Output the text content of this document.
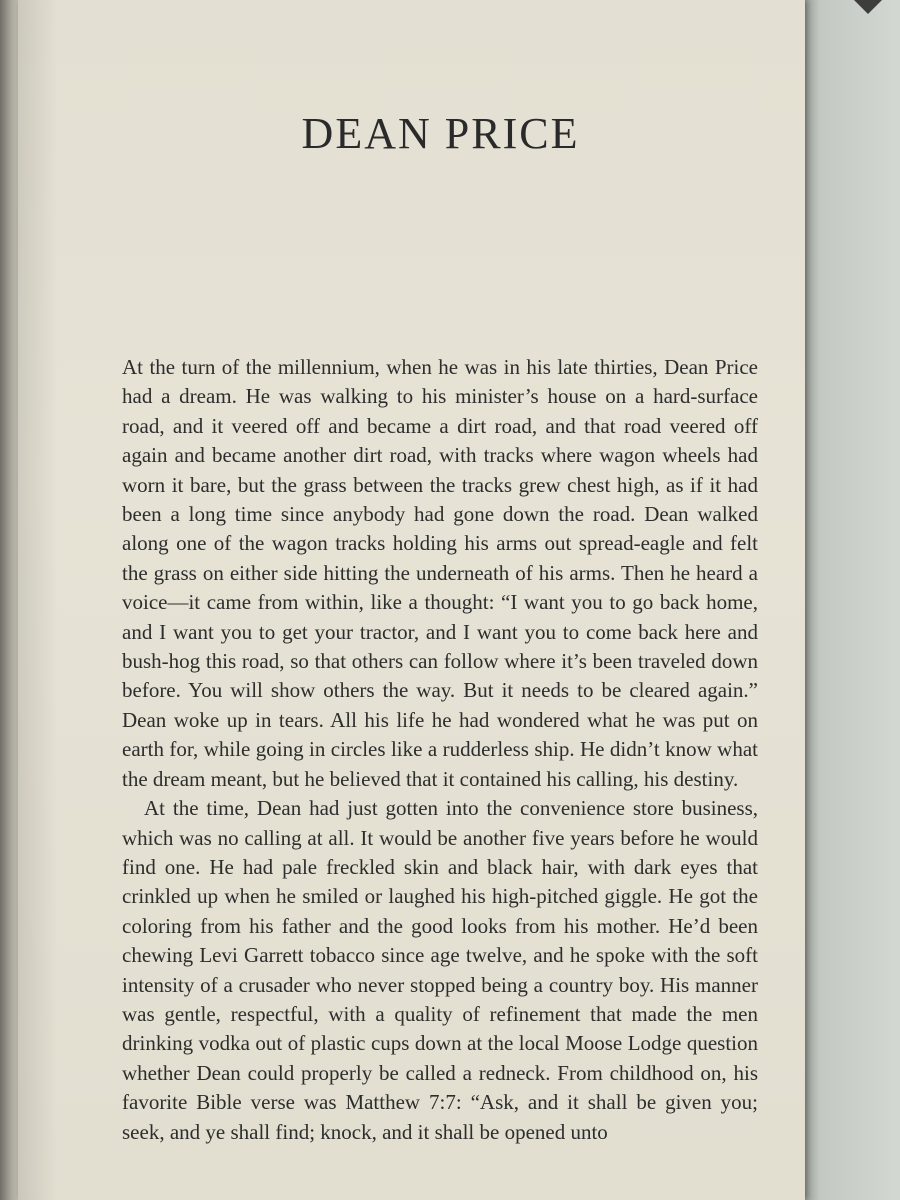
DEAN PRICE

At the turn of the millennium, when he was in his late thirties, Dean Price had a dream. He was walking to his minister’s house on a hard-surface road, and it veered off and became a dirt road, and that road veered off again and became another dirt road, with tracks where wagon wheels had worn it bare, but the grass between the tracks grew chest high, as if it had been a long time since anybody had gone down the road. Dean walked along one of the wagon tracks holding his arms out spread-eagle and felt the grass on either side hitting the underneath of his arms. Then he heard a voice—it came from within, like a thought: “I want you to go back home, and I want you to get your tractor, and I want you to come back here and bush-hog this road, so that others can follow where it’s been traveled down before. You will show others the way. But it needs to be cleared again.” Dean woke up in tears. All his life he had wondered what he was put on earth for, while going in circles like a rudderless ship. He didn’t know what the dream meant, but he believed that it contained his calling, his destiny.

At the time, Dean had just gotten into the convenience store business, which was no calling at all. It would be another five years before he would find one. He had pale freckled skin and black hair, with dark eyes that crinkled up when he smiled or laughed his high-pitched giggle. He got the coloring from his father and the good looks from his mother. He’d been chewing Levi Garrett tobacco since age twelve, and he spoke with the soft intensity of a crusader who never stopped being a country boy. His manner was gentle, respectful, with a quality of refinement that made the men drinking vodka out of plastic cups down at the local Moose Lodge question whether Dean could properly be called a redneck. From childhood on, his favorite Bible verse was Matthew 7:7: “Ask, and it shall be given you; seek, and ye shall find; knock, and it shall be opened unto
